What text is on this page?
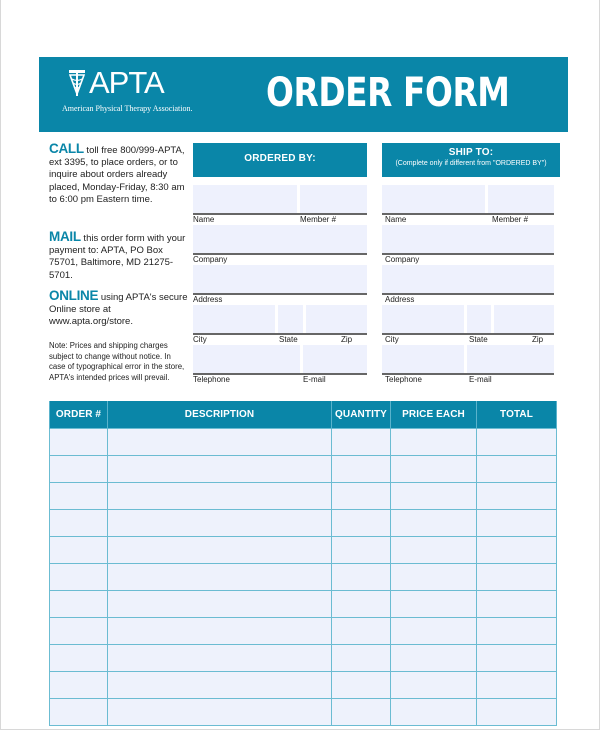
APTA
American Physical Therapy Association. ORDER FORM
CALL toll free 800/999-APTA, ext 3395, to place orders, or to inquire about orders already placed, Monday-Friday, 8:30 am to 6:00 pm Eastern time.
MAIL this order form with your payment to: APTA, PO Box 75701, Baltimore, MD 21275-5701.
ONLINE using APTA's secure Online store at www.apta.org/store.
Note: Prices and shipping charges subject to change without notice. In case of typographical error in the store, APTA's intended prices will prevail.
ORDERED BY:
Name	Member #
Company
Address
City	State	Zip
Telephone	E-mail
SHIP TO:
(Complete only if different from "ORDERED BY")
Name	Member #
Company
Address
City	State	Zip
Telephone	E-mail
ORDER #	DESCRIPTION	QUANTITY	PRICE EACH	TOTAL
